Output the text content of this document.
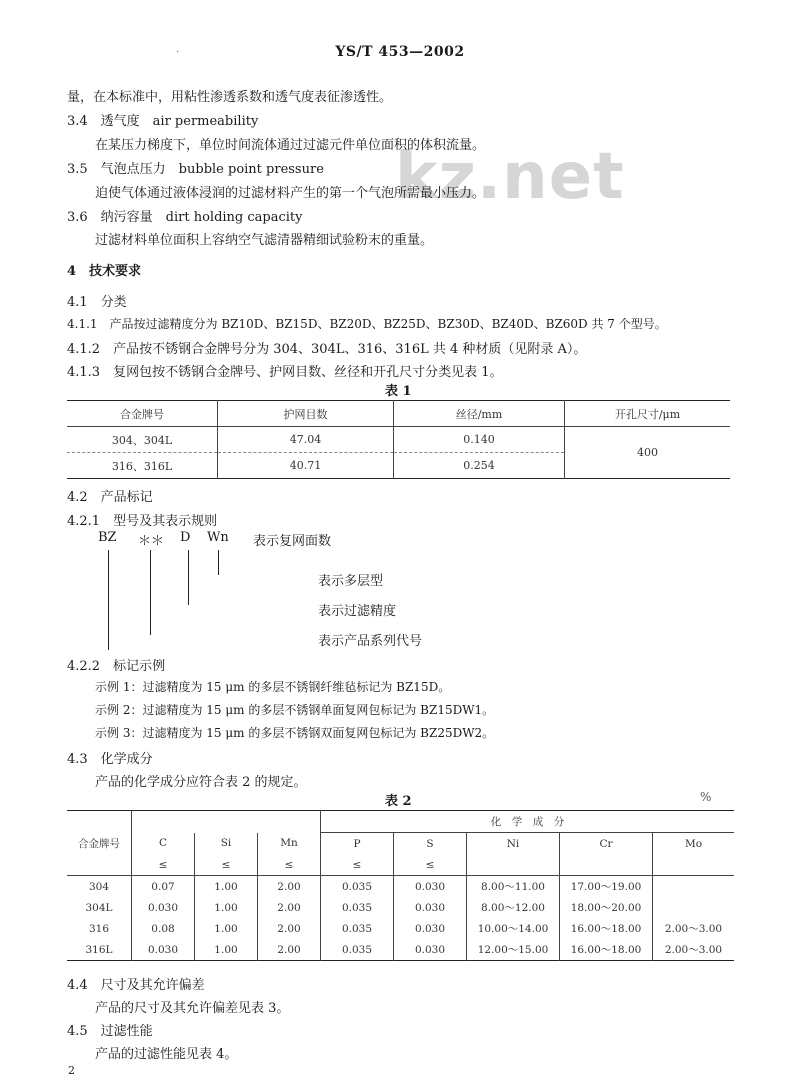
YS/T 453—2002
·
kz.net
量，在本标准中，用粘性渗透系数和透气度表征渗透性。
3.4　透气度　air permeability
在某压力梯度下，单位时间流体通过过滤元件单位面积的体积流量。
3.5　气泡点压力　bubble point pressure
迫使气体通过液体浸润的过滤材料产生的第一个气泡所需最小压力。
3.6　纳污容量　dirt holding capacity
过滤材料单位面积上容纳空气滤清器精细试验粉末的重量。
4　技术要求
4.1　分类
4.1.1　产品按过滤精度分为 BZ10D、BZ15D、BZ20D、BZ25D、BZ30D、BZ40D、BZ60D 共 7 个型号。
4.1.2　产品按不锈钢合金牌号分为 304、304L、316、316L 共 4 种材质（见附录 A）。
4.1.3　复网包按不锈钢合金牌号、护网目数、丝径和开孔尺寸分类见表 1。
表 1
合金牌号	护网目数	丝径/mm	开孔尺寸/μm
304、304L	47.04	0.140	400
316、316L	40.71	0.254	
4.2　产品标记
4.2.1　型号及其表示规则
BZ ＊＊ D Wn 表示复网面数
表示多层型
表示过滤精度
表示产品系列代号
4.2.2　标记示例
示例 1：过滤精度为 15 μm 的多层不锈钢纤维毡标记为 BZ15D。
示例 2：过滤精度为 15 μm 的多层不锈钢单面复网包标记为 BZ15DW1。
示例 3：过滤精度为 15 μm 的多层不锈钢双面复网包标记为 BZ25DW2。
4.3　化学成分
产品的化学成分应符合表 2 的规定。
表 2	%
合金牌号				化　学　成　分				
	C	Si	Mn	P	S	Ni	Cr	Mo
	≤	≤	≤	≤	≤			
304	0.07	1.00	2.00	0.035	0.030	8.00～11.00	17.00～19.00	
304L	0.030	1.00	2.00	0.035	0.030	8.00～12.00	18.00～20.00	
316	0.08	1.00	2.00	0.035	0.030	10.00～14.00	16.00～18.00	2.00～3.00
316L	0.030	1.00	2.00	0.035	0.030	12.00～15.00	16.00～18.00	2.00～3.00
4.4　尺寸及其允许偏差
产品的尺寸及其允许偏差见表 3。
4.5　过滤性能
产品的过滤性能见表 4。
2
